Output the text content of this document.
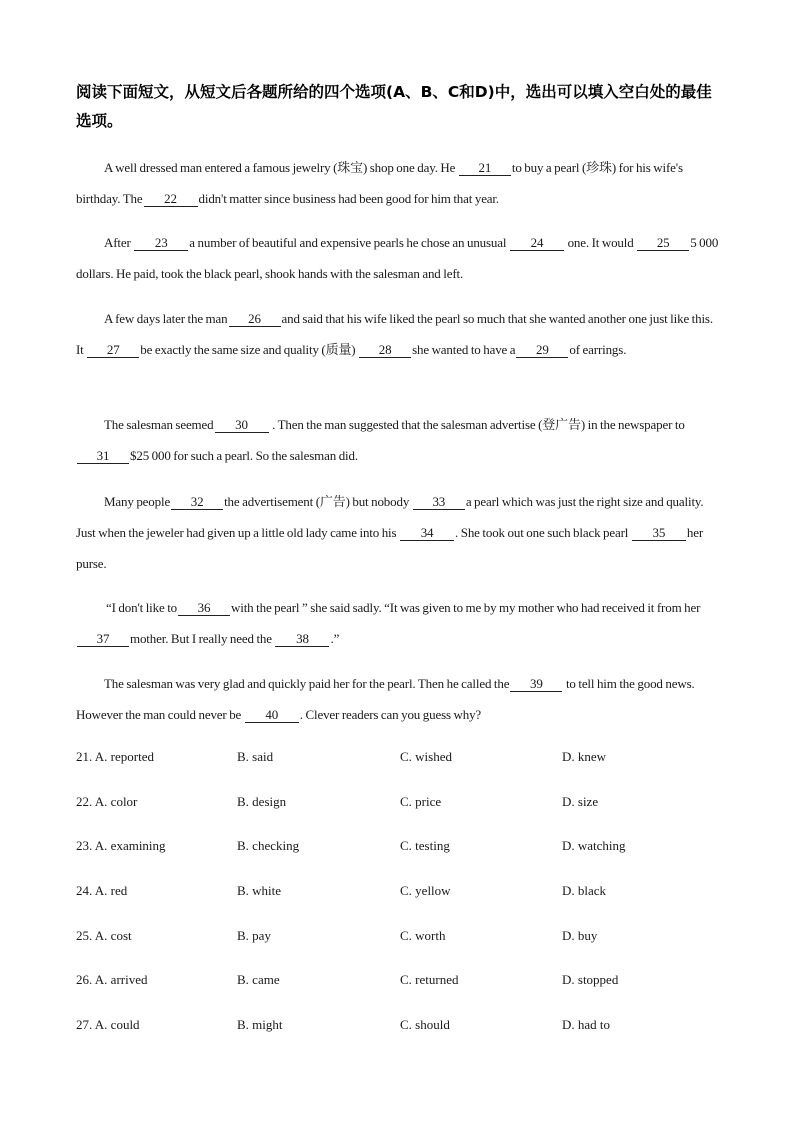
阅读下面短文，从短文后各题所给的四个选项(A、B、C和D)中，选出可以填入空白处的最佳选项。
A well dressed man entered a famous jewelry (珠宝) shop one day. He 21 to buy a pearl (珍珠) for his wife's birthday. The 22 didn't matter since business had been good for him that year.
After 23 a number of beautiful and expensive pearls he chose an unusual 24 one. It would 25 5 000 dollars. He paid, took the black pearl, shook hands with the salesman and left.
A few days later the man 26 and said that his wife liked the pearl so much that she wanted another one just like this. It 27 be exactly the same size and quality (质量) 28 she wanted to have a 29 of earrings.
The salesman seemed 30 . Then the man suggested that the salesman advertise (登广告) in the newspaper to 31 $25 000 for such a pearl. So the salesman did.
Many people 32 the advertisement (广告) but nobody 33 a pearl which was just the right size and quality. Just when the jeweler had given up a little old lady came into his 34 . She took out one such black pearl 35 her purse.
“I don't like to 36 with the pearl ” she said sadly. “It was given to me by my mother who had received it from her37 mother. But I really need the 38 .”
The salesman was very glad and quickly paid her for the pearl. Then he called the 39 to tell him the good news. However the man could never be 40 . Clever readers can you guess why?
21. A. reported	B. said	C. wished	D. knew
22. A. color	B. design	C. price	D. size
23. A. examining	B. checking	C. testing	D. watching
24. A. red	B. white	C. yellow	D. black
25. A. cost	B. pay	C. worth	D. buy
26. A. arrived	B. came	C. returned	D. stopped
27. A. could	B. might	C. should	D. had to
